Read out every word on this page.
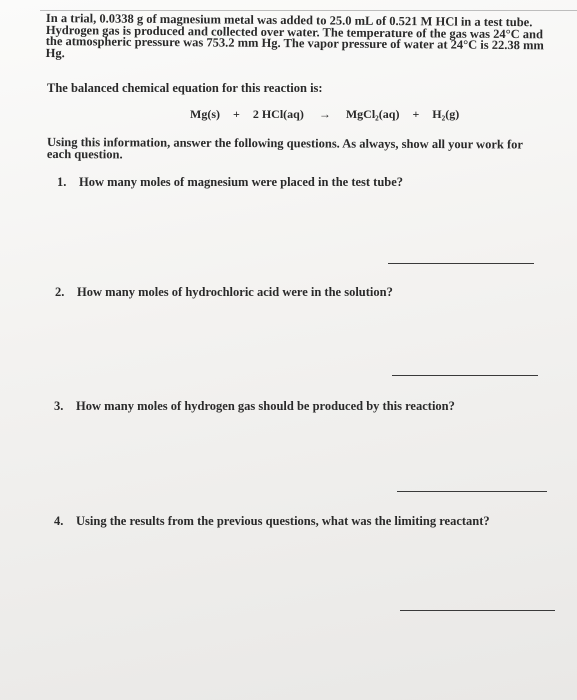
In a trial, 0.0338 g of magnesium metal was added to 25.0 mL of 0.521 M HCl in a test tube. Hydrogen gas is produced and collected over water. The temperature of the gas was 24°C and the atmospheric pressure was 753.2 mm Hg. The vapor pressure of water at 24°C is 22.38 mm Hg.
The balanced chemical equation for this reaction is:
Mg(s) + 2 HCl(aq) → MgCl₂(aq) + H₂(g)
Using this information, answer the following questions. As always, show all your work for each question.
1. How many moles of magnesium were placed in the test tube?
2. How many moles of hydrochloric acid were in the solution?
3. How many moles of hydrogen gas should be produced by this reaction?
4. Using the results from the previous questions, what was the limiting reactant?
